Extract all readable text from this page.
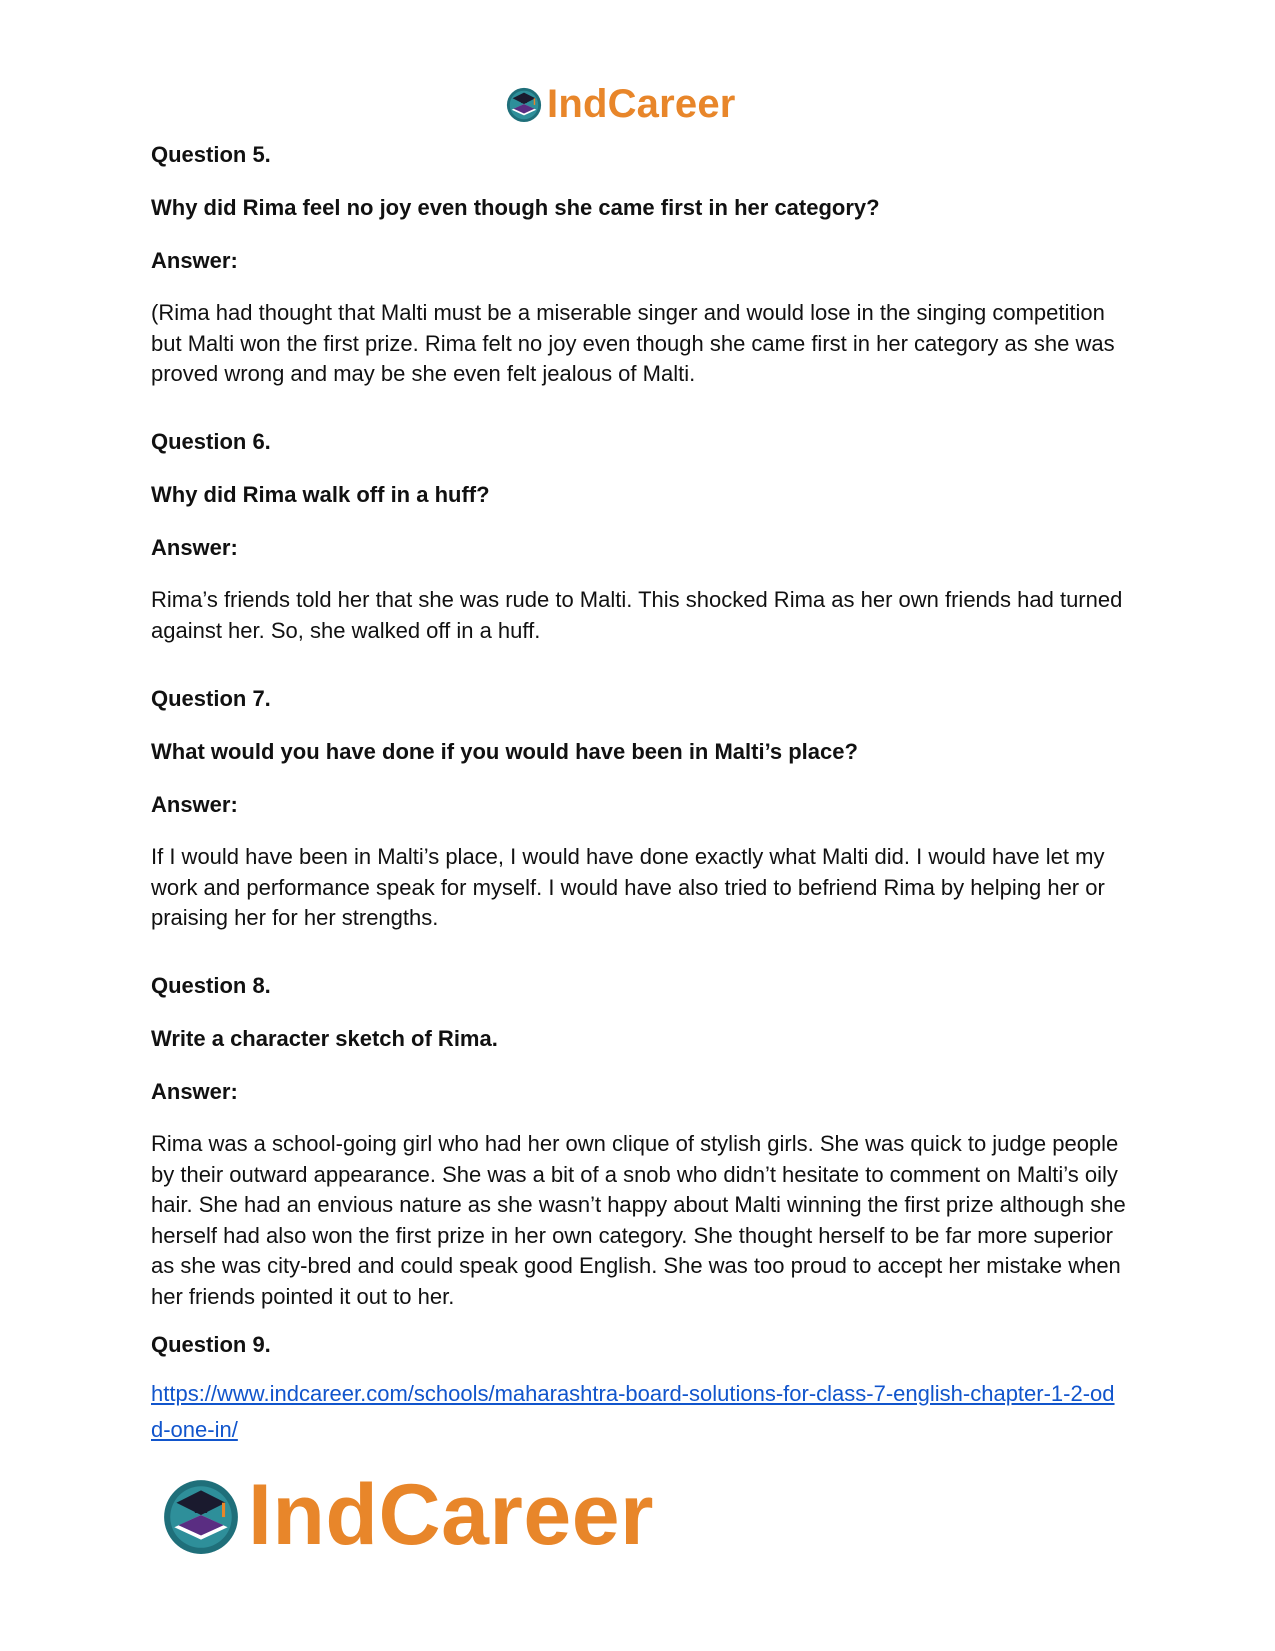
IndCareer

Question 5.

Why did Rima feel no joy even though she came first in her category?

Answer:

(Rima had thought that Malti must be a miserable singer and would lose in the singing competition but Malti won the first prize. Rima felt no joy even though she came first in her category as she was proved wrong and may be she even felt jealous of Malti.

Question 6.

Why did Rima walk off in a huff?

Answer:

Rima’s friends told her that she was rude to Malti. This shocked Rima as her own friends had turned against her. So, she walked off in a huff.

Question 7.

What would you have done if you would have been in Malti’s place?

Answer:

If I would have been in Malti’s place, I would have done exactly what Malti did. I would have let my work and performance speak for myself. I would have also tried to befriend Rima by helping her or praising her for her strengths.

Question 8.

Write a character sketch of Rima.

Answer:

Rima was a school-going girl who had her own clique of stylish girls. She was quick to judge people by their outward appearance. She was a bit of a snob who didn’t hesitate to comment on Malti’s oily hair. She had an envious nature as she wasn’t happy about Malti winning the first prize although she herself had also won the first prize in her own category. She thought herself to be far more superior as she was city-bred and could speak good English. She was too proud to accept her mistake when her friends pointed it out to her.

Question 9.

https://www.indcareer.com/schools/maharashtra-board-solutions-for-class-7-english-chapter-1-2-odd-one-in/
IndCareer
